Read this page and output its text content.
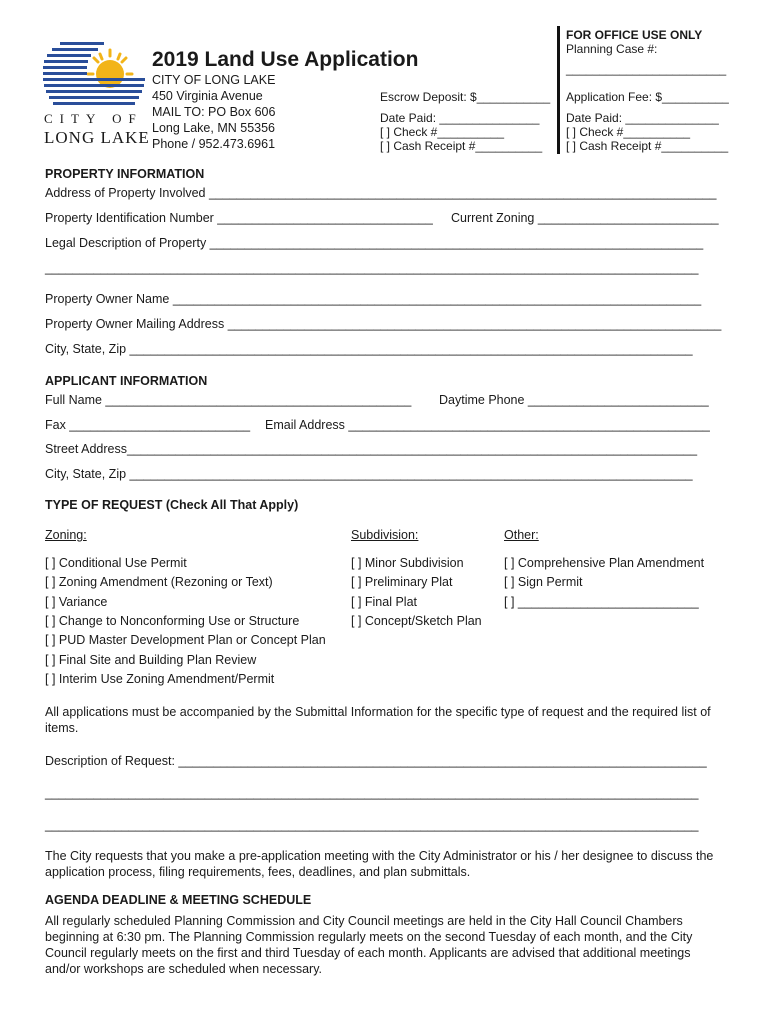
CITY OF
LONG LAKE
2019 Land Use Application
CITY OF LONG LAKE
450 Virginia Avenue
MAIL TO: PO Box 606
Long Lake, MN 55356
Phone / 952.473.6961
Escrow Deposit: $___________
Date Paid: _______________
[ ] Check #__________
[ ] Cash Receipt #__________
FOR OFFICE USE ONLY
Planning Case #:
________________________
Application Fee: $__________
Date Paid: ______________
[ ] Check #__________
[ ] Cash Receipt #__________
PROPERTY INFORMATION
Address of Property Involved _________________________________________________________________________
Property Identification Number _______________________________ Current Zoning __________________________
Legal Description of Property _______________________________________________________________________
______________________________________________________________________________________________
Property Owner Name ____________________________________________________________________________
Property Owner Mailing Address _______________________________________________________________________
City, State, Zip _________________________________________________________________________________
APPLICANT INFORMATION
Full Name ____________________________________________ Daytime Phone __________________________
Fax __________________________ Email Address ____________________________________________________
Street Address__________________________________________________________________________________
City, State, Zip _________________________________________________________________________________
TYPE OF REQUEST (Check All That Apply)
Zoning:	Subdivision:	Other:
[ ] Conditional Use Permit
[ ] Zoning Amendment (Rezoning or Text)
[ ] Variance
[ ] Change to Nonconforming Use or Structure
[ ] PUD Master Development Plan or Concept Plan
[ ] Final Site and Building Plan Review
[ ] Interim Use Zoning Amendment/Permit
[ ] Minor Subdivision
[ ] Preliminary Plat
[ ] Final Plat
[ ] Concept/Sketch Plan
[ ] Comprehensive Plan Amendment
[ ] Sign Permit
[ ] __________________________
All applications must be accompanied by the Submittal Information for the specific type of request and the required list of items.
Description of Request: ____________________________________________________________________________
______________________________________________________________________________________________
______________________________________________________________________________________________
The City requests that you make a pre-application meeting with the City Administrator or his / her designee to discuss the application process, filing requirements, fees, deadlines, and plan submittals.
AGENDA DEADLINE & MEETING SCHEDULE
All regularly scheduled Planning Commission and City Council meetings are held in the City Hall Council Chambers beginning at 6:30 pm. The Planning Commission regularly meets on the second Tuesday of each month, and the City Council regularly meets on the first and third Tuesday of each month. Applicants are advised that additional meetings and/or workshops are scheduled when necessary.
